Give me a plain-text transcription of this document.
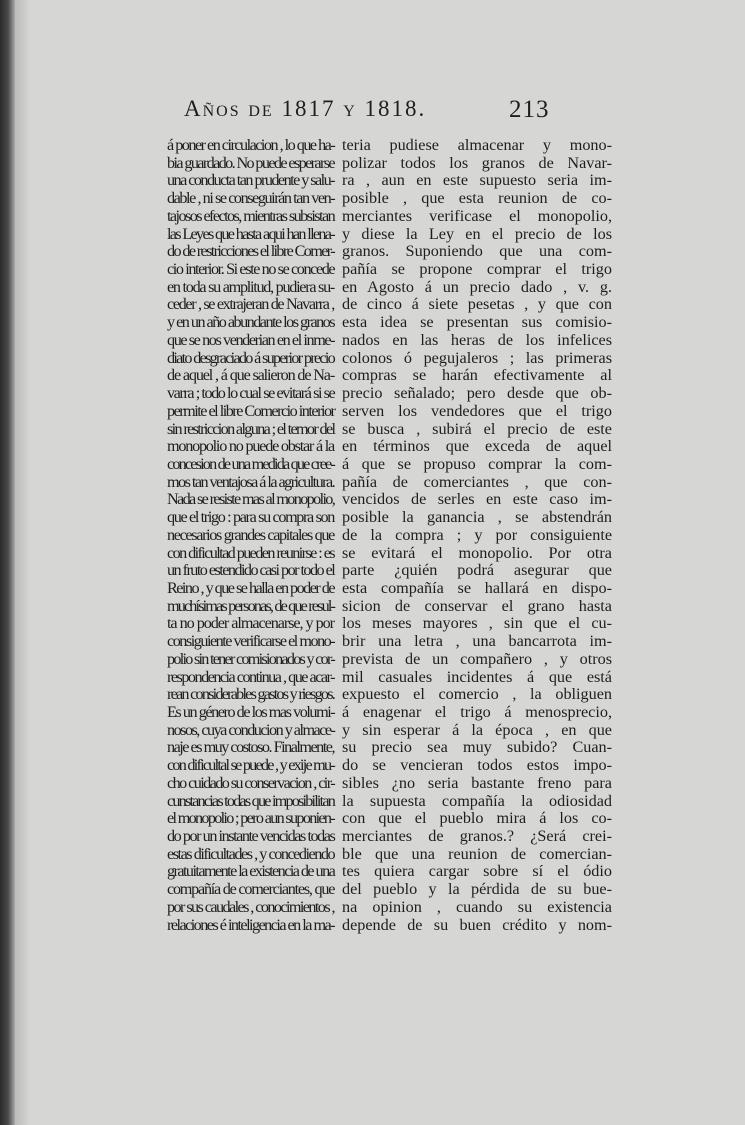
Años de 1817 y 1818.	213
á poner en circulacion , lo que ha-
bia guardado. No puede esperarse
una conducta tan prudente y salu-
dable , ni se conseguirán tan ven-
tajosos efectos, mientras subsistan
las Leyes que hasta aqui han llena-
do de restricciones el libre Comer-
cio interior. Si este no se concede
en toda su amplitud, pudiera su-
ceder , se extrajeran de Navarra ,
y en un año abundante los granos
que se nos venderian en el inme-
diato desgraciado á superior precio
de aquel , á que salieron de Na-
varra ; todo lo cual se evitará si se
permite el libre Comercio interior
sin restriccion alguna ; el temor del
monopolio no puede obstar á la
concesion de una medida que cree-
mos tan ventajosa á la agricultura.
Nada se resiste mas al monopolio,
que el trigo : para su compra son
necesarios grandes capitales que
con dificultad pueden reunirse : es
un fruto estendido casi por todo el
Reino , y que se halla en poder de
muchísimas personas, de que resul-
ta no poder almacenarse, y por
consiguiente verificarse el mono-
polio sin tener comisionados y cor-
respondencia continua , que acar-
rean considerables gastos y riesgos.
Es un género de los mas volumi-
nosos, cuya conducion y almace-
naje es muy costoso. Finalmente,
con dificultal se puede , y exije mu-
cho cuidado su conservacion , cir-
cunstancias todas que imposibilitan
el monopolio ; pero aun suponien-
do por un instante vencidas todas
estas dificultades , y concediendo
gratuitamente la existencia de una
compañía de comerciantes, que
por sus caudales , conocimientos ,
relaciones é inteligencia en la ma-
teria pudiese almacenar y mono-
polizar todos los granos de Navar-
ra , aun en este supuesto seria im-
posible , que esta reunion de co-
merciantes verificase el monopolio,
y diese la Ley en el precio de los
granos. Suponiendo que una com-
pañía se propone comprar el trigo
en Agosto á un precio dado , v. g.
de cinco á siete pesetas , y que con
esta idea se presentan sus comisio-
nados en las heras de los infelices
colonos ó pegujaleros ; las primeras
compras se harán efectivamente al
precio señalado; pero desde que ob-
serven los vendedores que el trigo
se busca , subirá el precio de este
en términos que exceda de aquel
á que se propuso comprar la com-
pañía de comerciantes , que con-
vencidos de serles en este caso im-
posible la ganancia , se abstendrán
de la compra ; y por consiguiente
se evitará el monopolio. Por otra
parte ¿quién podrá asegurar que
esta compañía se hallará en dispo-
sicion de conservar el grano hasta
los meses mayores , sin que el cu-
brir una letra , una bancarrota im-
prevista de un compañero , y otros
mil casuales incidentes á que está
expuesto el comercio , la obliguen
á enagenar el trigo á menosprecio,
y sin esperar á la época , en que
su precio sea muy subido? Cuan-
do se vencieran todos estos impo-
sibles ¿no seria bastante freno para
la supuesta compañía la odiosidad
con que el pueblo mira á los co-
merciantes de granos.? ¿Será crei-
ble que una reunion de comercian-
tes quiera cargar sobre sí el ódio
del pueblo y la pérdida de su bue-
na opinion , cuando su existencia
depende de su buen crédito y nom-
